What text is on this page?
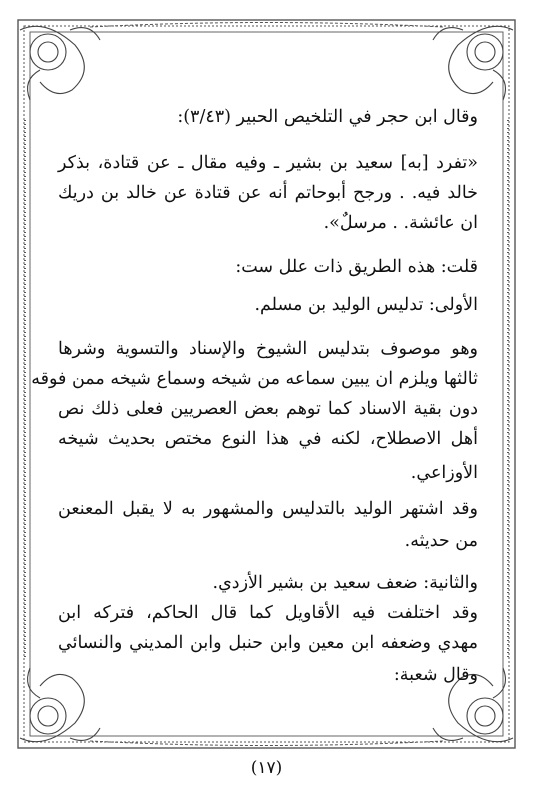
وقال ابن حجر في التلخيص الحبير (٣/٤٣):
«تفرد [به] سعيد بن بشير ـ وفيه مقال ـ عن قتادة، بذكر
خالد فيه. . ورجح أبوحاتم أنه عن قتادة عن خالد بن دريك
ان عائشة. . مرسلٌ».
قلت: هذه الطريق ذات علل ست:
الأولى: تدليس الوليد بن مسلم.
وهو موصوف بتدليس الشيوخ والإسناد والتسوية وشرها
ثالثها ويلزم ان يبين سماعه من شيخه وسماع شيخه ممن فوقه
دون بقية الاسناد كما توهم بعض العصريين فعلى ذلك نص
أهل الاصطلاح، لكنه في هذا النوع مختص بحديث شيخه
الأوزاعي.
وقد اشتهر الوليد بالتدليس والمشهور به لا يقبل المعنعن
من حديثه.
والثانية: ضعف سعيد بن بشير الأزدي.
وقد اختلفت فيه الأقاويل كما قال الحاكم، فتركه ابن
مهدي وضعفه ابن معين وابن حنبل وابن المديني والنسائي
وقال شعبة:
(١٧)
